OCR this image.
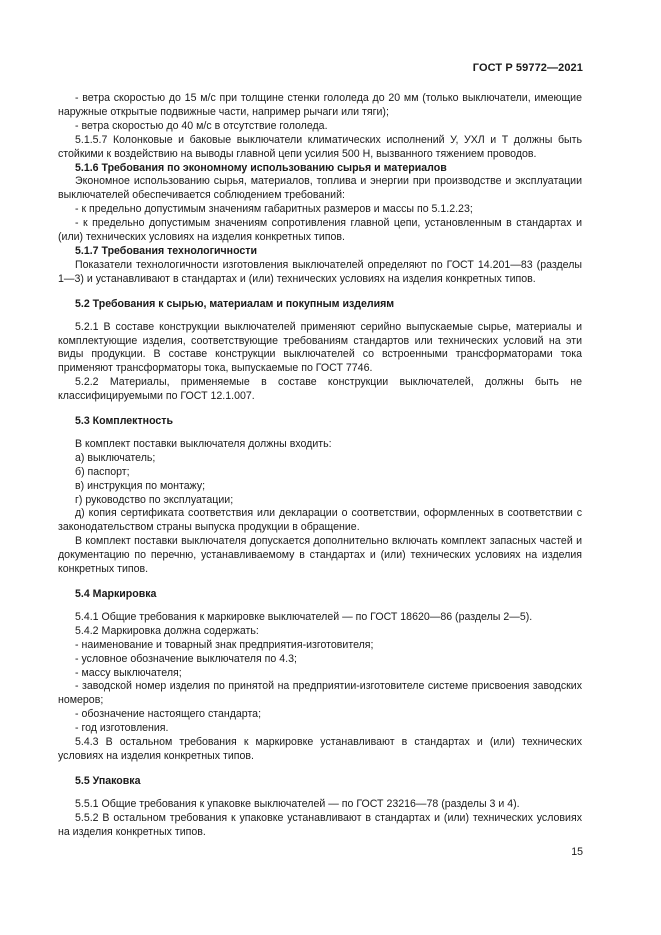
ГОСТ Р 59772—2021

- ветра скоростью до 15 м/с при толщине стенки гололеда до 20 мм (только выключатели, имеющие наружные открытые подвижные части, например рычаги или тяги);

- ветра скоростью до 40 м/с в отсутствие гололеда.

5.1.5.7 Колонковые и баковые выключатели климатических исполнений У, УХЛ и Т должны быть стойкими к воздействию на выводы главной цепи усилия 500 Н, вызванного тяжением проводов.

5.1.6 Требования по экономному использованию сырья и материалов

Экономное использованию сырья, материалов, топлива и энергии при производстве и эксплуатации выключателей обеспечивается соблюдением требований:

- к предельно допустимым значениям габаритных размеров и массы по 5.1.2.23;

- к предельно допустимым значениям сопротивления главной цепи, установленным в стандартах и (или) технических условиях на изделия конкретных типов.

5.1.7 Требования технологичности

Показатели технологичности изготовления выключателей определяют по ГОСТ 14.201—83 (разделы 1—3) и устанавливают в стандартах и (или) технических условиях на изделия конкретных типов.

5.2 Требования к сырью, материалам и покупным изделиям

5.2.1 В составе конструкции выключателей применяют серийно выпускаемые сырье, материалы и комплектующие изделия, соответствующие требованиям стандартов или технических условий на эти виды продукции. В составе конструкции выключателей со встроенными трансформаторами тока применяют трансформаторы тока, выпускаемые по ГОСТ 7746.

5.2.2 Материалы, применяемые в составе конструкции выключателей, должны быть не классифицируемыми по ГОСТ 12.1.007.

5.3 Комплектность

В комплект поставки выключателя должны входить:

а) выключатель;

б) паспорт;

в) инструкция по монтажу;

г) руководство по эксплуатации;

д) копия сертификата соответствия или декларации о соответствии, оформленных в соответствии с законодательством страны выпуска продукции в обращение.

В комплект поставки выключателя допускается дополнительно включать комплект запасных частей и документацию по перечню, устанавливаемому в стандартах и (или) технических условиях на изделия конкретных типов.

5.4 Маркировка

5.4.1 Общие требования к маркировке выключателей — по ГОСТ 18620—86 (разделы 2—5).

5.4.2 Маркировка должна содержать:

- наименование и товарный знак предприятия-изготовителя;

- условное обозначение выключателя по 4.3;

- массу выключателя;

- заводской номер изделия по принятой на предприятии-изготовителе системе присвоения заводских номеров;

- обозначение настоящего стандарта;

- год изготовления.

5.4.3 В остальном требования к маркировке устанавливают в стандартах и (или) технических условиях на изделия конкретных типов.

5.5 Упаковка

5.5.1 Общие требования к упаковке выключателей — по ГОСТ 23216—78 (разделы 3 и 4).

5.5.2 В остальном требования к упаковке устанавливают в стандартах и (или) технических условиях на изделия конкретных типов.

15
